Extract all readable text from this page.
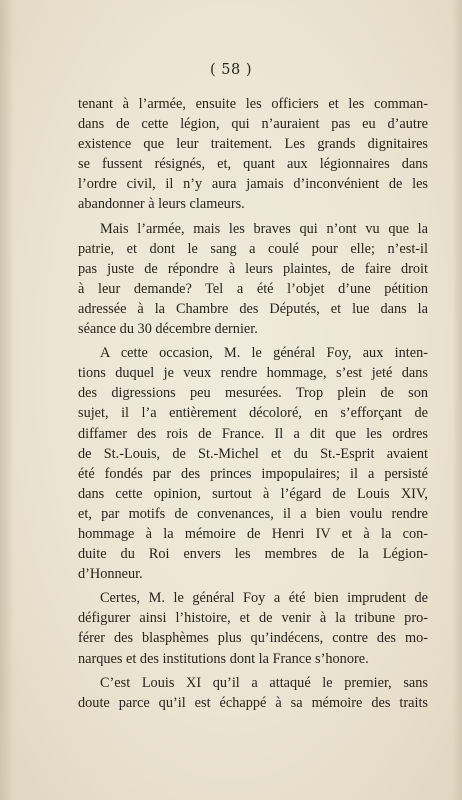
( 58 )
tenant à l’armée, ensuite les officiers et les comman-
dans de cette légion, qui n’auraient pas eu d’autre
existence que leur traitement. Les grands dignitaires
se fussent résignés, et, quant aux légionnaires dans
l’ordre civil, il n’y aura jamais d’inconvénient de les
abandonner à leurs clameurs.
Mais l’armée, mais les braves qui n’ont vu que la
patrie, et dont le sang a coulé pour elle; n’est-il
pas juste de répondre à leurs plaintes, de faire droit
à leur demande? Tel a été l’objet d’une pétition
adressée à la Chambre des Députés, et lue dans la
séance du 30 décembre dernier.
A cette occasion, M. le général Foy, aux inten-
tions duquel je veux rendre hommage, s’est jeté dans
des digressions peu mesurées. Trop plein de son
sujet, il l’a entièrement décoloré, en s’efforçant de
diffamer des rois de France. Il a dit que les ordres
de St.-Louis, de St.-Michel et du St.-Esprit avaient
été fondés par des princes impopulaires; il a persisté
dans cette opinion, surtout à l’égard de Louis XIV,
et, par motifs de convenances, il a bien voulu rendre
hommage à la mémoire de Henri IV et à la con-
duite du Roi envers les membres de la Légion-
d’Honneur.
Certes, M. le général Foy a été bien imprudent de
défigurer ainsi l’histoire, et de venir à la tribune pro-
férer des blasphèmes plus qu’indécens, contre des mo-
narques et des institutions dont la France s’honore.
C’est Louis XI qu’il a attaqué le premier, sans
doute parce qu’il est échappé à sa mémoire des traits
